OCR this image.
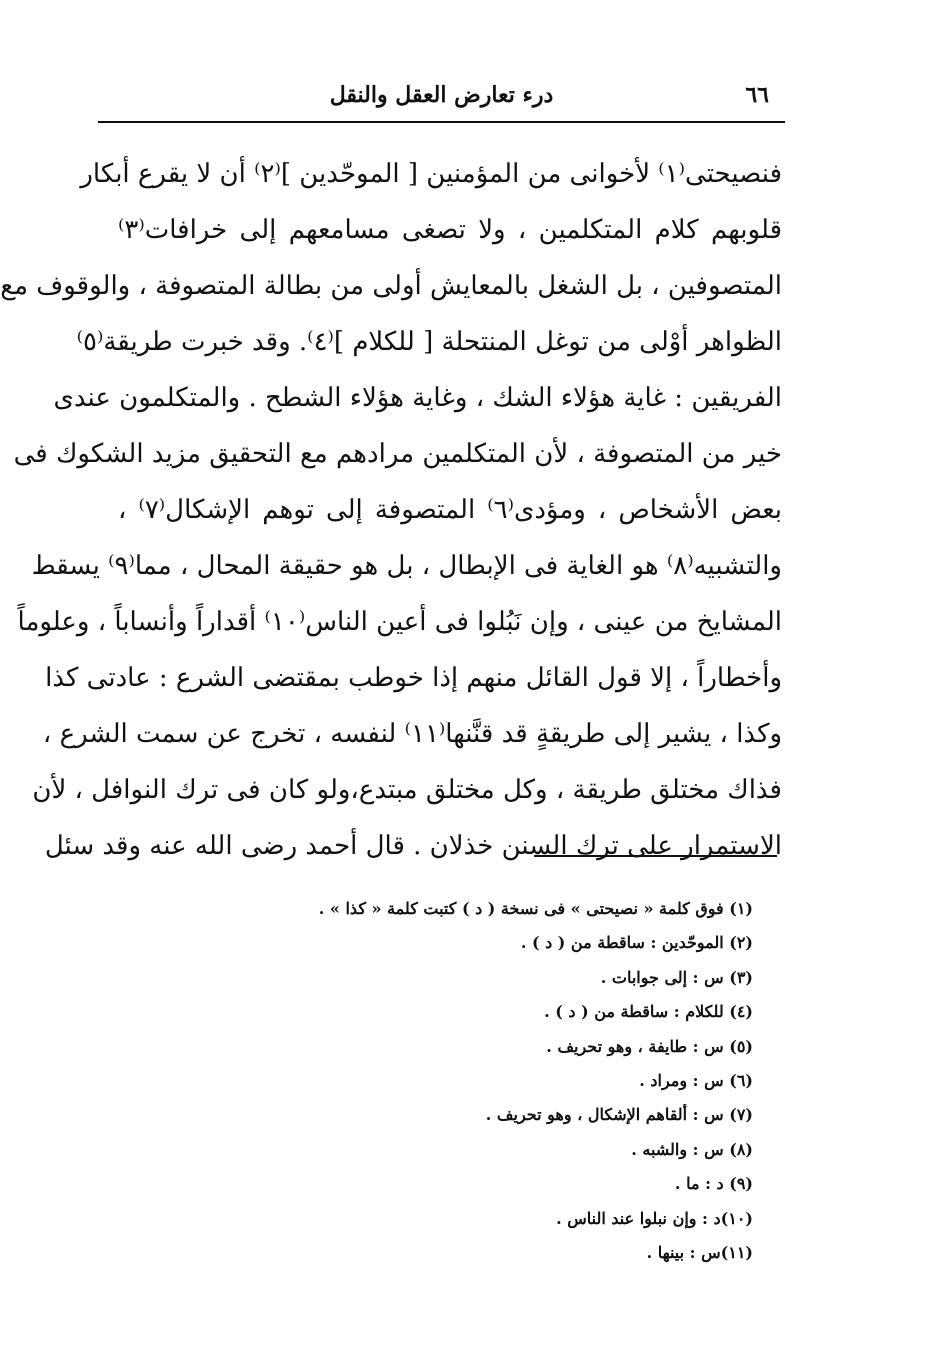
٦٦
درء تعارض العقل والنقل
فنصيحتى⁽١⁾ لأخوانى من المؤمنين [ الموحّدين ]⁽٢⁾ أن لا يقرع أبكار
قلوبهم كلام المتكلمين ، ولا تصغى مسامعهم إلى خرافات⁽٣⁾
المتصوفين ، بل الشغل بالمعايش أولى من بطالة المتصوفة ، والوقوف مع
الظواهر أوْلى من توغل المنتحلة [ للكلام ]⁽٤⁾. وقد خبرت طريقة⁽٥⁾
الفريقين : غاية هؤلاء الشك ، وغاية هؤلاء الشطح . والمتكلمون عندى
خير من المتصوفة ، لأن المتكلمين مرادهم مع التحقيق مزيد الشكوك فى
بعض الأشخاص ، ومؤدى⁽٦⁾ المتصوفة إلى توهم الإشكال⁽٧⁾ ،
والتشبيه⁽٨⁾ هو الغاية فى الإبطال ، بل هو حقيقة المحال ، مما⁽٩⁾ يسقط
المشايخ من عينى ، وإن نَبُلوا فى أعين الناس⁽١٠⁾ أقداراً وأنساباً ، وعلوماً
وأخطاراً ، إلا قول القائل منهم إذا خوطب بمقتضى الشرع : عادتى كذا
وكذا ، يشير إلى طريقةٍ قد قنَّنها⁽١١⁾ لنفسه ، تخرج عن سمت الشرع ،
فذاك مختلق طريقة ، وكل مختلق مبتدع،ولو كان فى ترك النوافل ، لأن
الاستمرار على ترك السنن خذلان . قال أحمد رضى الله عنه وقد سئل
(١) فوق كلمة « نصيحتى » فى نسخة ( د ) كتبت كلمة « كذا » .
(٢) الموحّدين : ساقطة من ( د ) .
(٣) س : إلى جوابات .
(٤) للكلام : ساقطة من ( د ) .
(٥) س : طايفة ، وهو تحريف .
(٦) س : ومراد .
(٧) س : ألقاهم الإشكال ، وهو تحريف .
(٨) س : والشبه .
(٩) د : ما .
(١٠)د : وإن نبلوا عند الناس .
(١١)س : بينها .
